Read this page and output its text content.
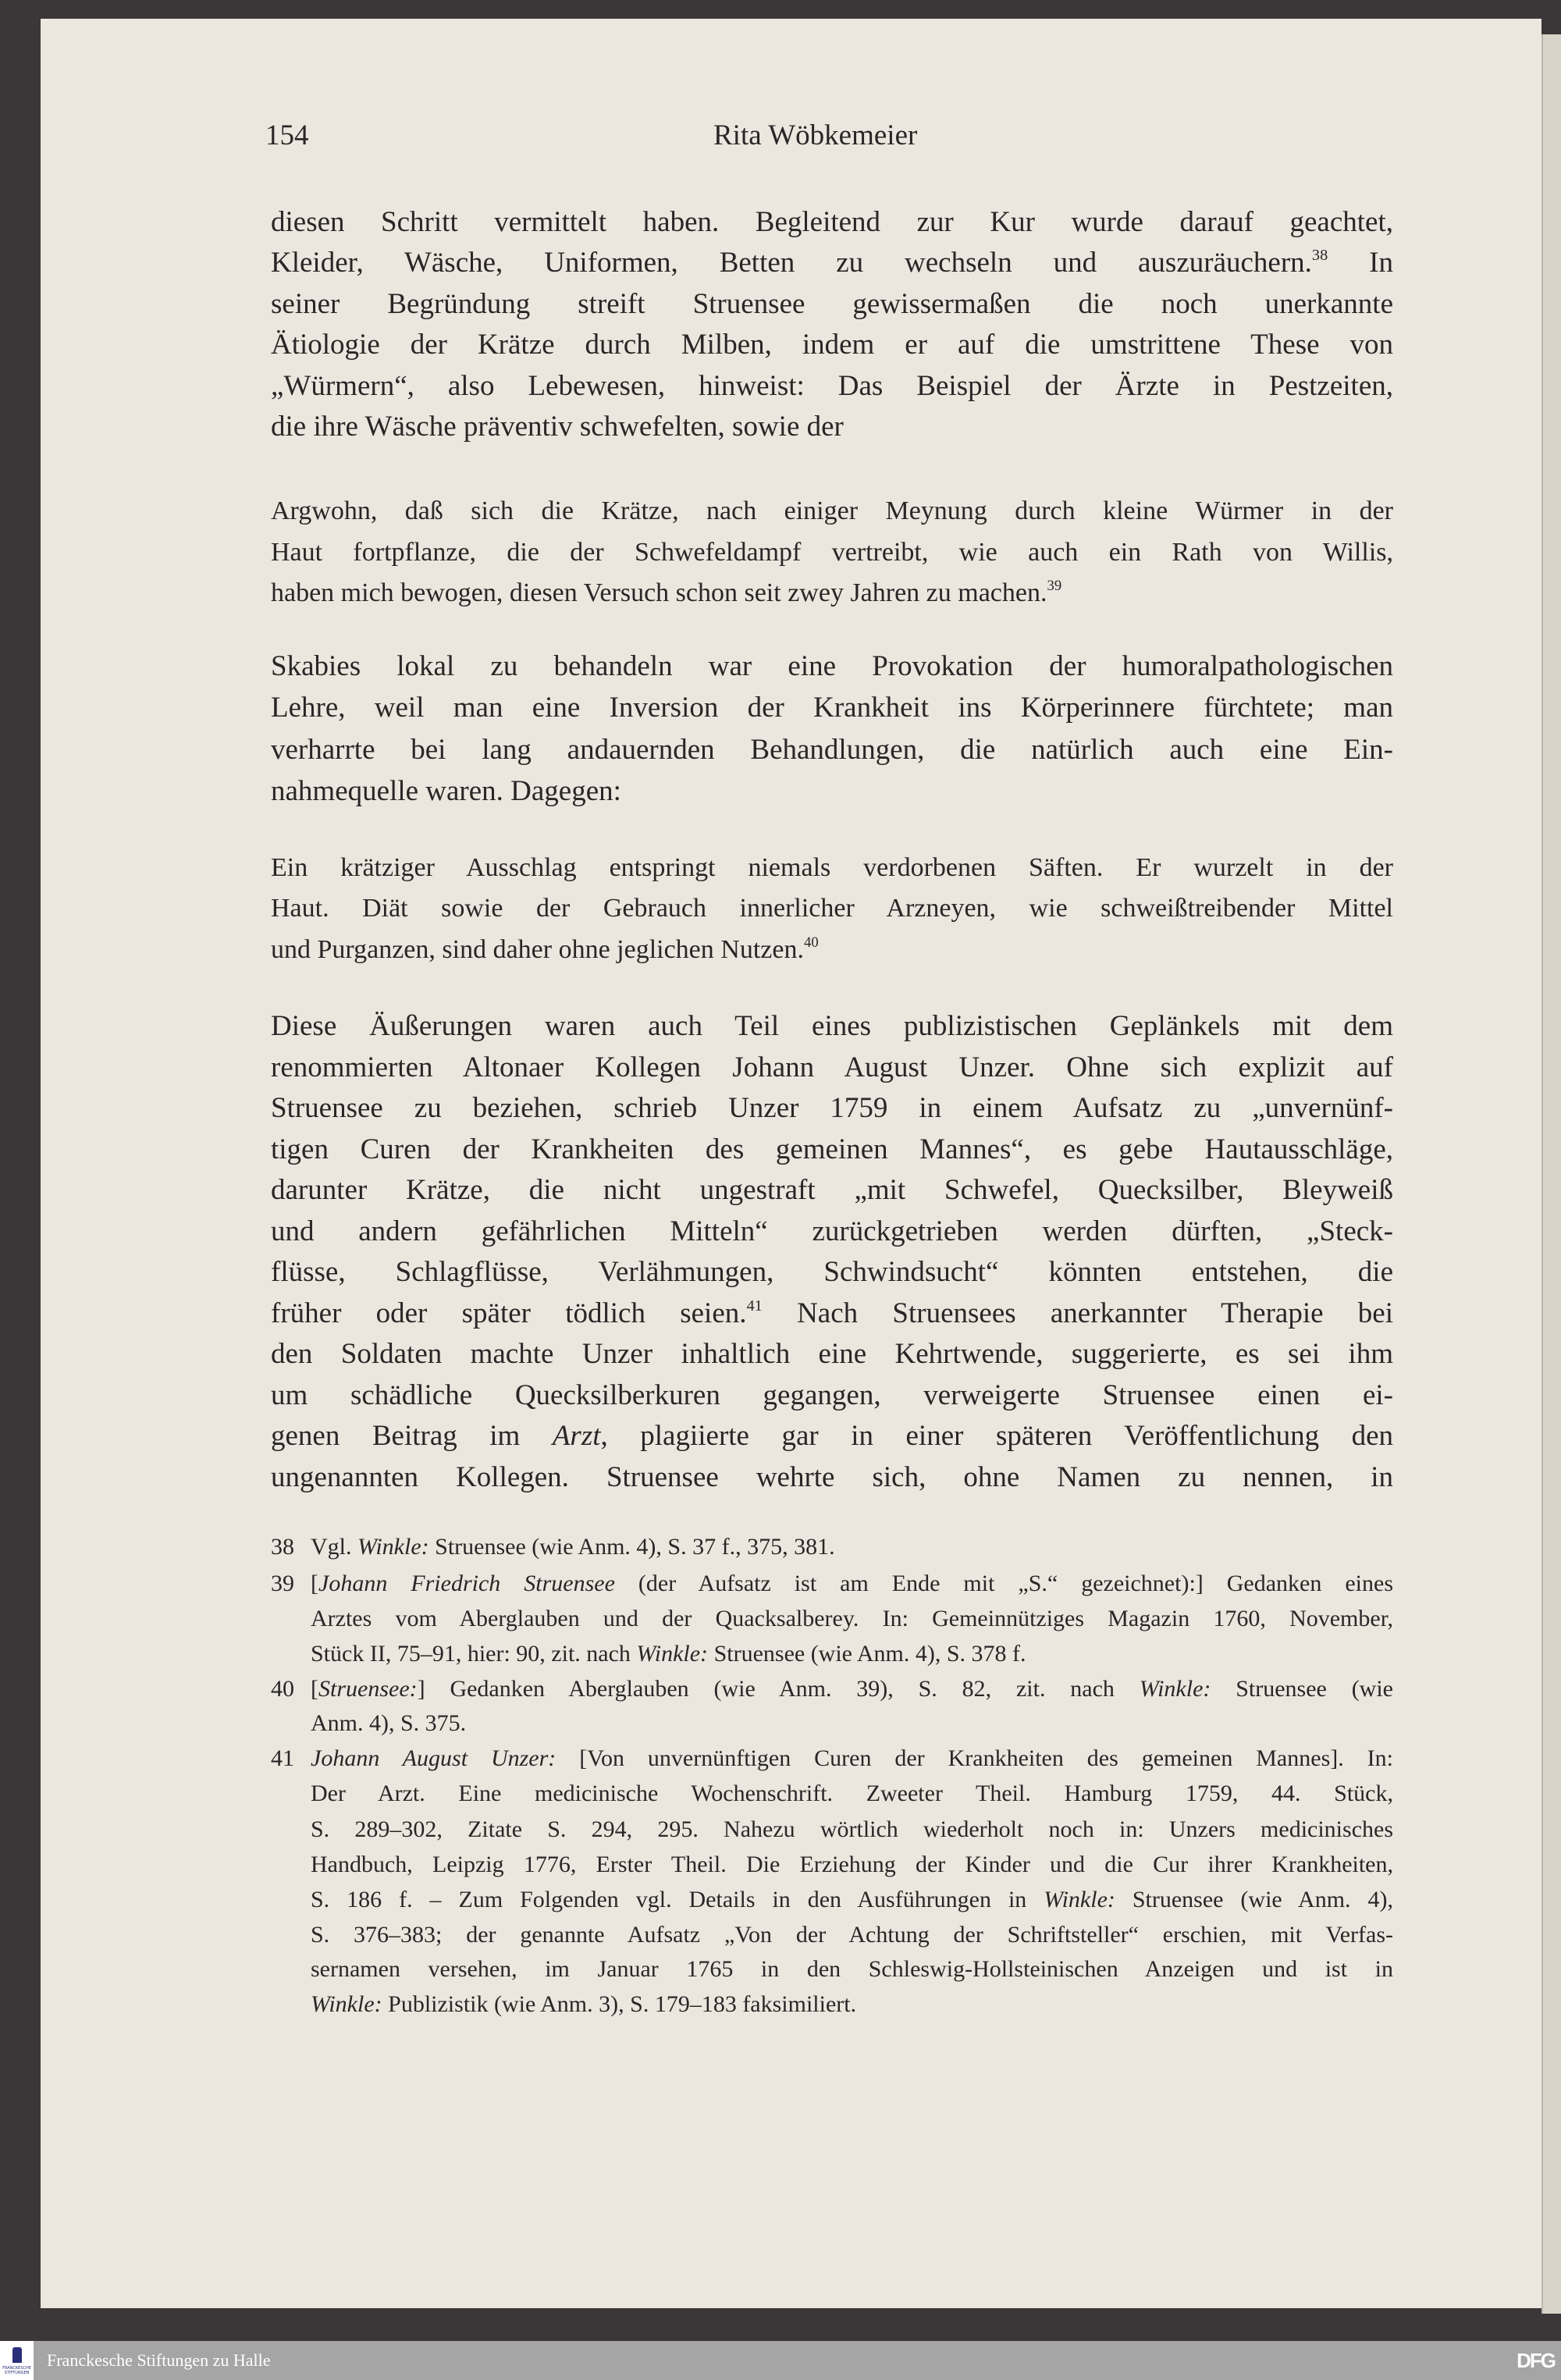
154	Rita Wöbkemeier
diesen Schritt vermittelt haben. Begleitend zur Kur wurde darauf geachtet,
Kleider, Wäsche, Uniformen, Betten zu wechseln und auszuräuchern.$^{38}$ In
seiner Begründung streift Struensee gewissermaßen die noch unerkannte
Ätiologie der Krätze durch Milben, indem er auf die umstrittene These von
„Würmern“, also Lebewesen, hinweist: Das Beispiel der Ärzte in Pestzeiten,
die ihre Wäsche präventiv schwefelten, sowie der
Argwohn, daß sich die Krätze, nach einiger Meynung durch kleine Würmer in der
Haut fortpflanze, die der Schwefeldampf vertreibt, wie auch ein Rath von Willis,
haben mich bewogen, diesen Versuch schon seit zwey Jahren zu machen.$^{39}$
Skabies lokal zu behandeln war eine Provokation der humoralpathologischen
Lehre, weil man eine Inversion der Krankheit ins Körperinnere fürchtete; man
verharrte bei lang andauernden Behandlungen, die natürlich auch eine Ein-
nahmequelle waren. Dagegen:
Ein krätziger Ausschlag entspringt niemals verdorbenen Säften. Er wurzelt in der
Haut. Diät sowie der Gebrauch innerlicher Arzneyen, wie schweißtreibender Mittel
und Purganzen, sind daher ohne jeglichen Nutzen.$^{40}$
Diese Äußerungen waren auch Teil eines publizistischen Geplänkels mit dem
renommierten Altonaer Kollegen Johann August Unzer. Ohne sich explizit auf
Struensee zu beziehen, schrieb Unzer 1759 in einem Aufsatz zu „unvernünf-
tigen Curen der Krankheiten des gemeinen Mannes“, es gebe Hautausschläge,
darunter Krätze, die nicht ungestraft „mit Schwefel, Quecksilber, Bleyweiß
und andern gefährlichen Mitteln“ zurückgetrieben werden dürften, „Steck-
flüsse, Schlagflüsse, Verlähmungen, Schwindsucht“ könnten entstehen, die
früher oder später tödlich seien.$^{41}$ Nach Struensees anerkannter Therapie bei
den Soldaten machte Unzer inhaltlich eine Kehrtwende, suggerierte, es sei ihm
um schädliche Quecksilberkuren gegangen, verweigerte Struensee einen ei-
genen Beitrag im Arzt, plagiierte gar in einer späteren Veröffentlichung den
ungenannten Kollegen. Struensee wehrte sich, ohne Namen zu nennen, in
38 Vgl. Winkle: Struensee (wie Anm. 4), S. 37 f., 375, 381.
39 [Johann Friedrich Struensee (der Aufsatz ist am Ende mit „S.“ gezeichnet):] Gedanken eines
Arztes vom Aberglauben und der Quacksalberey. In: Gemeinnütziges Magazin 1760, November,
Stück II, 75–91, hier: 90, zit. nach Winkle: Struensee (wie Anm. 4), S. 378 f.
40 [Struensee:] Gedanken Aberglauben (wie Anm. 39), S. 82, zit. nach Winkle: Struensee (wie
Anm. 4), S. 375.
41 Johann August Unzer: [Von unvernünftigen Curen der Krankheiten des gemeinen Mannes]. In:
Der Arzt. Eine medicinische Wochenschrift. Zweeter Theil. Hamburg 1759, 44. Stück,
S. 289–302, Zitate S. 294, 295. Nahezu wörtlich wiederholt noch in: Unzers medicinisches
Handbuch, Leipzig 1776, Erster Theil. Die Erziehung der Kinder und die Cur ihrer Krankheiten,
S. 186 f. – Zum Folgenden vgl. Details in den Ausführungen in Winkle: Struensee (wie Anm. 4),
S. 376–383; der genannte Aufsatz „Von der Achtung der Schriftsteller“ erschien, mit Verfas-
sernamen versehen, im Januar 1765 in den Schleswig-Hollsteinischen Anzeigen und ist in
Winkle: Publizistik (wie Anm. 3), S. 179–183 faksimiliert.
FRANCKESCHE STIFTUNGEN
Franckesche Stiftungen zu Halle	DFG
